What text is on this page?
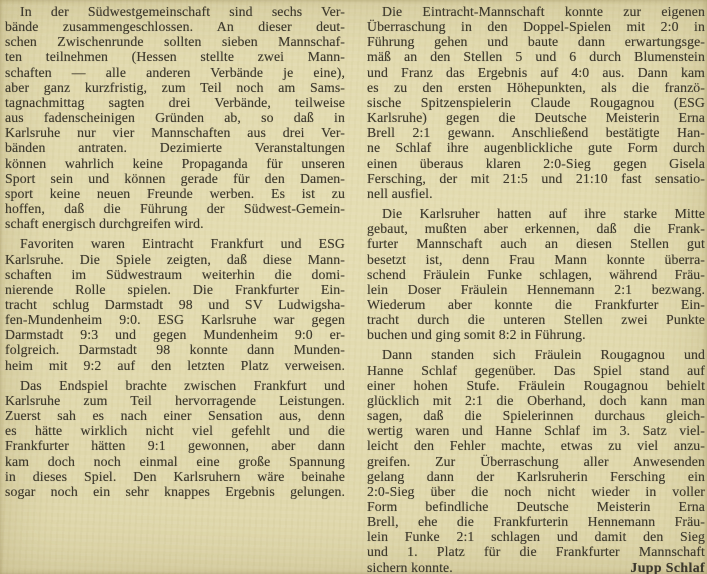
In der Südwestgemeinschaft sind sechs Ver-
bände zusammengeschlossen. An dieser deut-
schen Zwischenrunde sollten sieben Mannschaf-
ten teilnehmen (Hessen stellte zwei Mann-
schaften — alle anderen Verbände je eine),
aber ganz kurzfristig, zum Teil noch am Sams-
tagnachmittag sagten drei Verbände, teilweise
aus fadenscheinigen Gründen ab, so daß in
Karlsruhe nur vier Mannschaften aus drei Ver-
bänden antraten. Dezimierte Veranstaltungen
können wahrlich keine Propaganda für unseren
Sport sein und können gerade für den Damen-
sport keine neuen Freunde werben. Es ist zu
hoffen, daß die Führung der Südwest-Gemein-
schaft energisch durchgreifen wird.
Favoriten waren Eintracht Frankfurt und ESG
Karlsruhe. Die Spiele zeigten, daß diese Mann-
schaften im Südwestraum weiterhin die domi-
nierende Rolle spielen. Die Frankfurter Ein-
tracht schlug Darmstadt 98 und SV Ludwigsha-
fen-Mundenheim 9:0. ESG Karlsruhe war gegen
Darmstadt 9:3 und gegen Mundenheim 9:0 er-
folgreich. Darmstadt 98 konnte dann Munden-
heim mit 9:2 auf den letzten Platz verweisen.
Das Endspiel brachte zwischen Frankfurt und
Karlsruhe zum Teil hervorragende Leistungen.
Zuerst sah es nach einer Sensation aus, denn
es hätte wirklich nicht viel gefehlt und die
Frankfurter hätten 9:1 gewonnen, aber dann
kam doch noch einmal eine große Spannung
in dieses Spiel. Den Karlsruhern wäre beinahe
sogar noch ein sehr knappes Ergebnis gelungen.
Die Eintracht-Mannschaft konnte zur eigenen
Überraschung in den Doppel-Spielen mit 2:0 in
Führung gehen und baute dann erwartungsge-
mäß an den Stellen 5 und 6 durch Blumenstein
und Franz das Ergebnis auf 4:0 aus. Dann kam
es zu den ersten Höhepunkten, als die franzö-
sische Spitzenspielerin Claude Rougagnou (ESG
Karlsruhe) gegen die Deutsche Meisterin Erna
Brell 2:1 gewann. Anschließend bestätigte Han-
ne Schlaf ihre augenblickliche gute Form durch
einen überaus klaren 2:0-Sieg gegen Gisela
Fersching, der mit 21:5 und 21:10 fast sensatio-
nell ausfiel.
Die Karlsruher hatten auf ihre starke Mitte
gebaut, mußten aber erkennen, daß die Frank-
furter Mannschaft auch an diesen Stellen gut
besetzt ist, denn Frau Mann konnte überra-
schend Fräulein Funke schlagen, während Fräu-
lein Doser Fräulein Hennemann 2:1 bezwang.
Wiederum aber konnte die Frankfurter Ein-
tracht durch die unteren Stellen zwei Punkte
buchen und ging somit 8:2 in Führung.
Dann standen sich Fräulein Rougagnou und
Hanne Schlaf gegenüber. Das Spiel stand auf
einer hohen Stufe. Fräulein Rougagnou behielt
glücklich mit 2:1 die Oberhand, doch kann man
sagen, daß die Spielerinnen durchaus gleich-
wertig waren und Hanne Schlaf im 3. Satz viel-
leicht den Fehler machte, etwas zu viel anzu-
greifen. Zur Überraschung aller Anwesenden
gelang dann der Karlsruherin Fersching ein
2:0-Sieg über die noch nicht wieder in voller
Form befindliche Deutsche Meisterin Erna
Brell, ehe die Frankfurterin Hennemann Fräu-
lein Funke 2:1 schlagen und damit den Sieg
und 1. Platz für die Frankfurter Mannschaft
sichern konnte.	Jupp Schlaf
